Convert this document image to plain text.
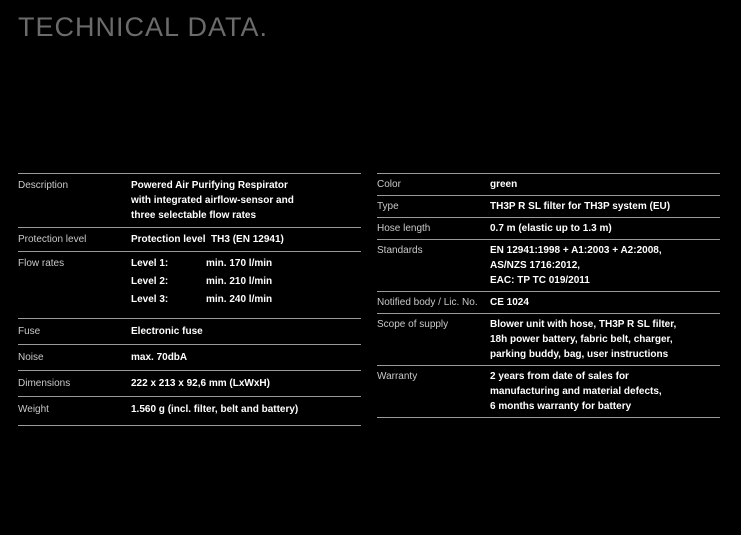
TECHNICAL DATA.
Description	Powered Air Purifying Respirator
with integrated airflow-sensor and
three selectable flow rates
Protection level	Protection level  TH3 (EN 12941)
Flow rates	Level 1:	min. 170 l/min
Level 2:	min. 210 l/min
Level 3:	min. 240 l/min
Fuse	Electronic fuse
Noise	max. 70dbA
Dimensions	222 x 213 x 92,6 mm (LxWxH)
Weight	1.560 g (incl. filter, belt and battery)
Color	green
Type	TH3P R SL filter for TH3P system (EU)
Hose length	0.7 m (elastic up to 1.3 m)
Standards	EN 12941:1998 + A1:2003 + A2:2008,
AS/NZS 1716:2012,
EAC: TP TC 019/2011
Notified body / Lic. No.	CE 1024
Scope of supply	Blower unit with hose, TH3P R SL filter,
18h power battery, fabric belt, charger,
parking buddy, bag, user instructions
Warranty	2 years from date of sales for
manufacturing and material defects,
6 months warranty for battery
